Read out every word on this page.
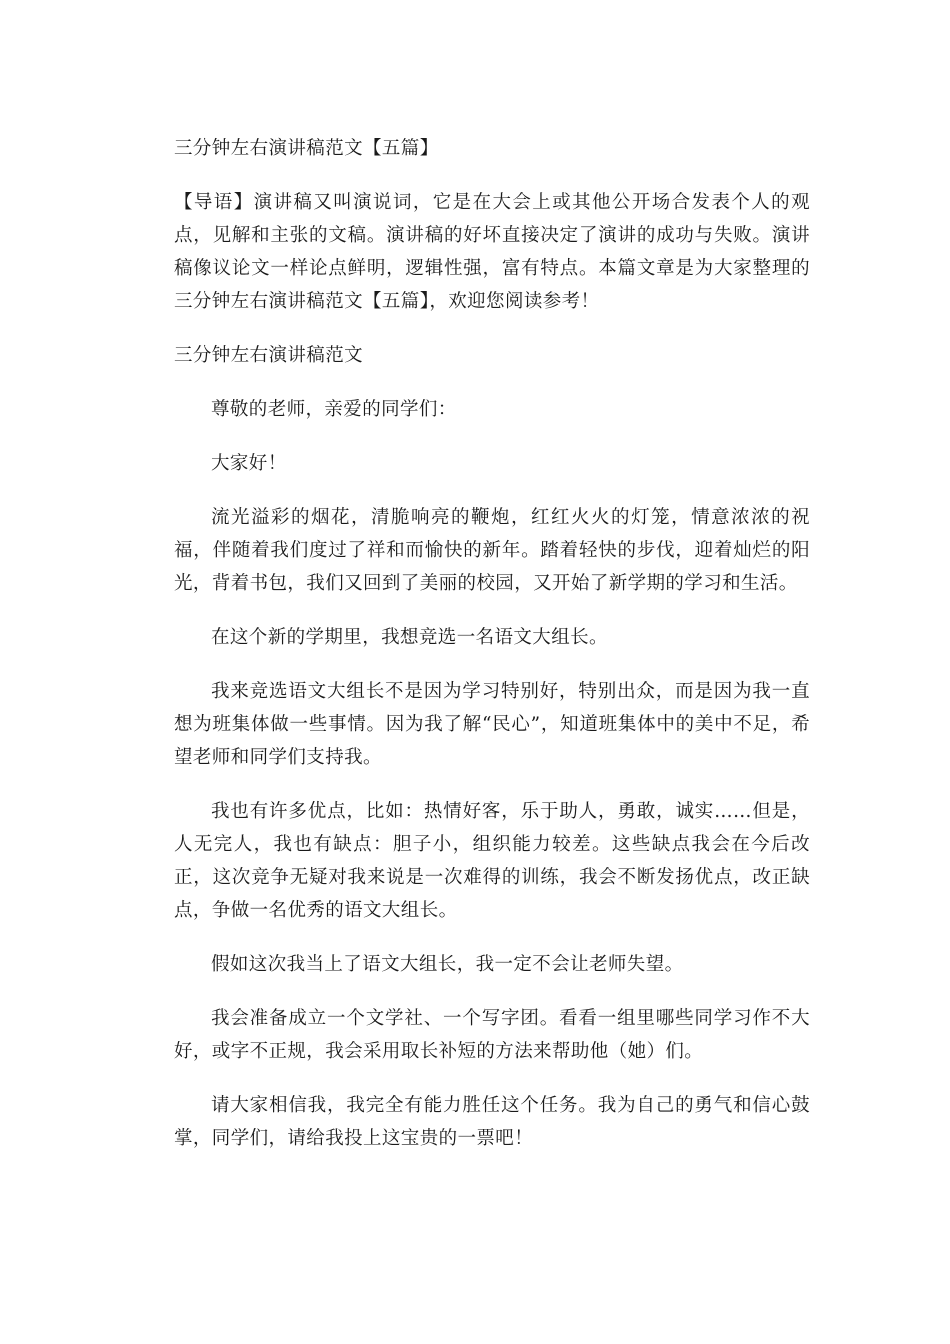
三分钟左右演讲稿范文【五篇】

【导语】演讲稿又叫演说词，它是在大会上或其他公开场合发表个人的观点，见解和主张的文稿。演讲稿的好坏直接决定了演讲的成功与失败。演讲稿像议论文一样论点鲜明，逻辑性强，富有特点。本篇文章是为大家整理的三分钟左右演讲稿范文【五篇】，欢迎您阅读参考！

三分钟左右演讲稿范文

尊敬的老师，亲爱的同学们：

大家好！

流光溢彩的烟花，清脆响亮的鞭炮，红红火火的灯笼，情意浓浓的祝福，伴随着我们度过了祥和而愉快的新年。踏着轻快的步伐，迎着灿烂的阳光，背着书包，我们又回到了美丽的校园，又开始了新学期的学习和生活。

在这个新的学期里，我想竞选一名语文大组长。

我来竞选语文大组长不是因为学习特别好，特别出众，而是因为我一直想为班集体做一些事情。因为我了解“民心”，知道班集体中的美中不足，希望老师和同学们支持我。

我也有许多优点，比如：热情好客，乐于助人，勇敢，诚实……但是，人无完人，我也有缺点：胆子小，组织能力较差。这些缺点我会在今后改正，这次竞争无疑对我来说是一次难得的训练，我会不断发扬优点，改正缺点，争做一名优秀的语文大组长。

假如这次我当上了语文大组长，我一定不会让老师失望。

我会准备成立一个文学社、一个写字团。看看一组里哪些同学习作不大好，或字不正规，我会采用取长补短的方法来帮助他（她）们。

请大家相信我，我完全有能力胜任这个任务。我为自己的勇气和信心鼓掌，同学们，请给我投上这宝贵的一票吧！
